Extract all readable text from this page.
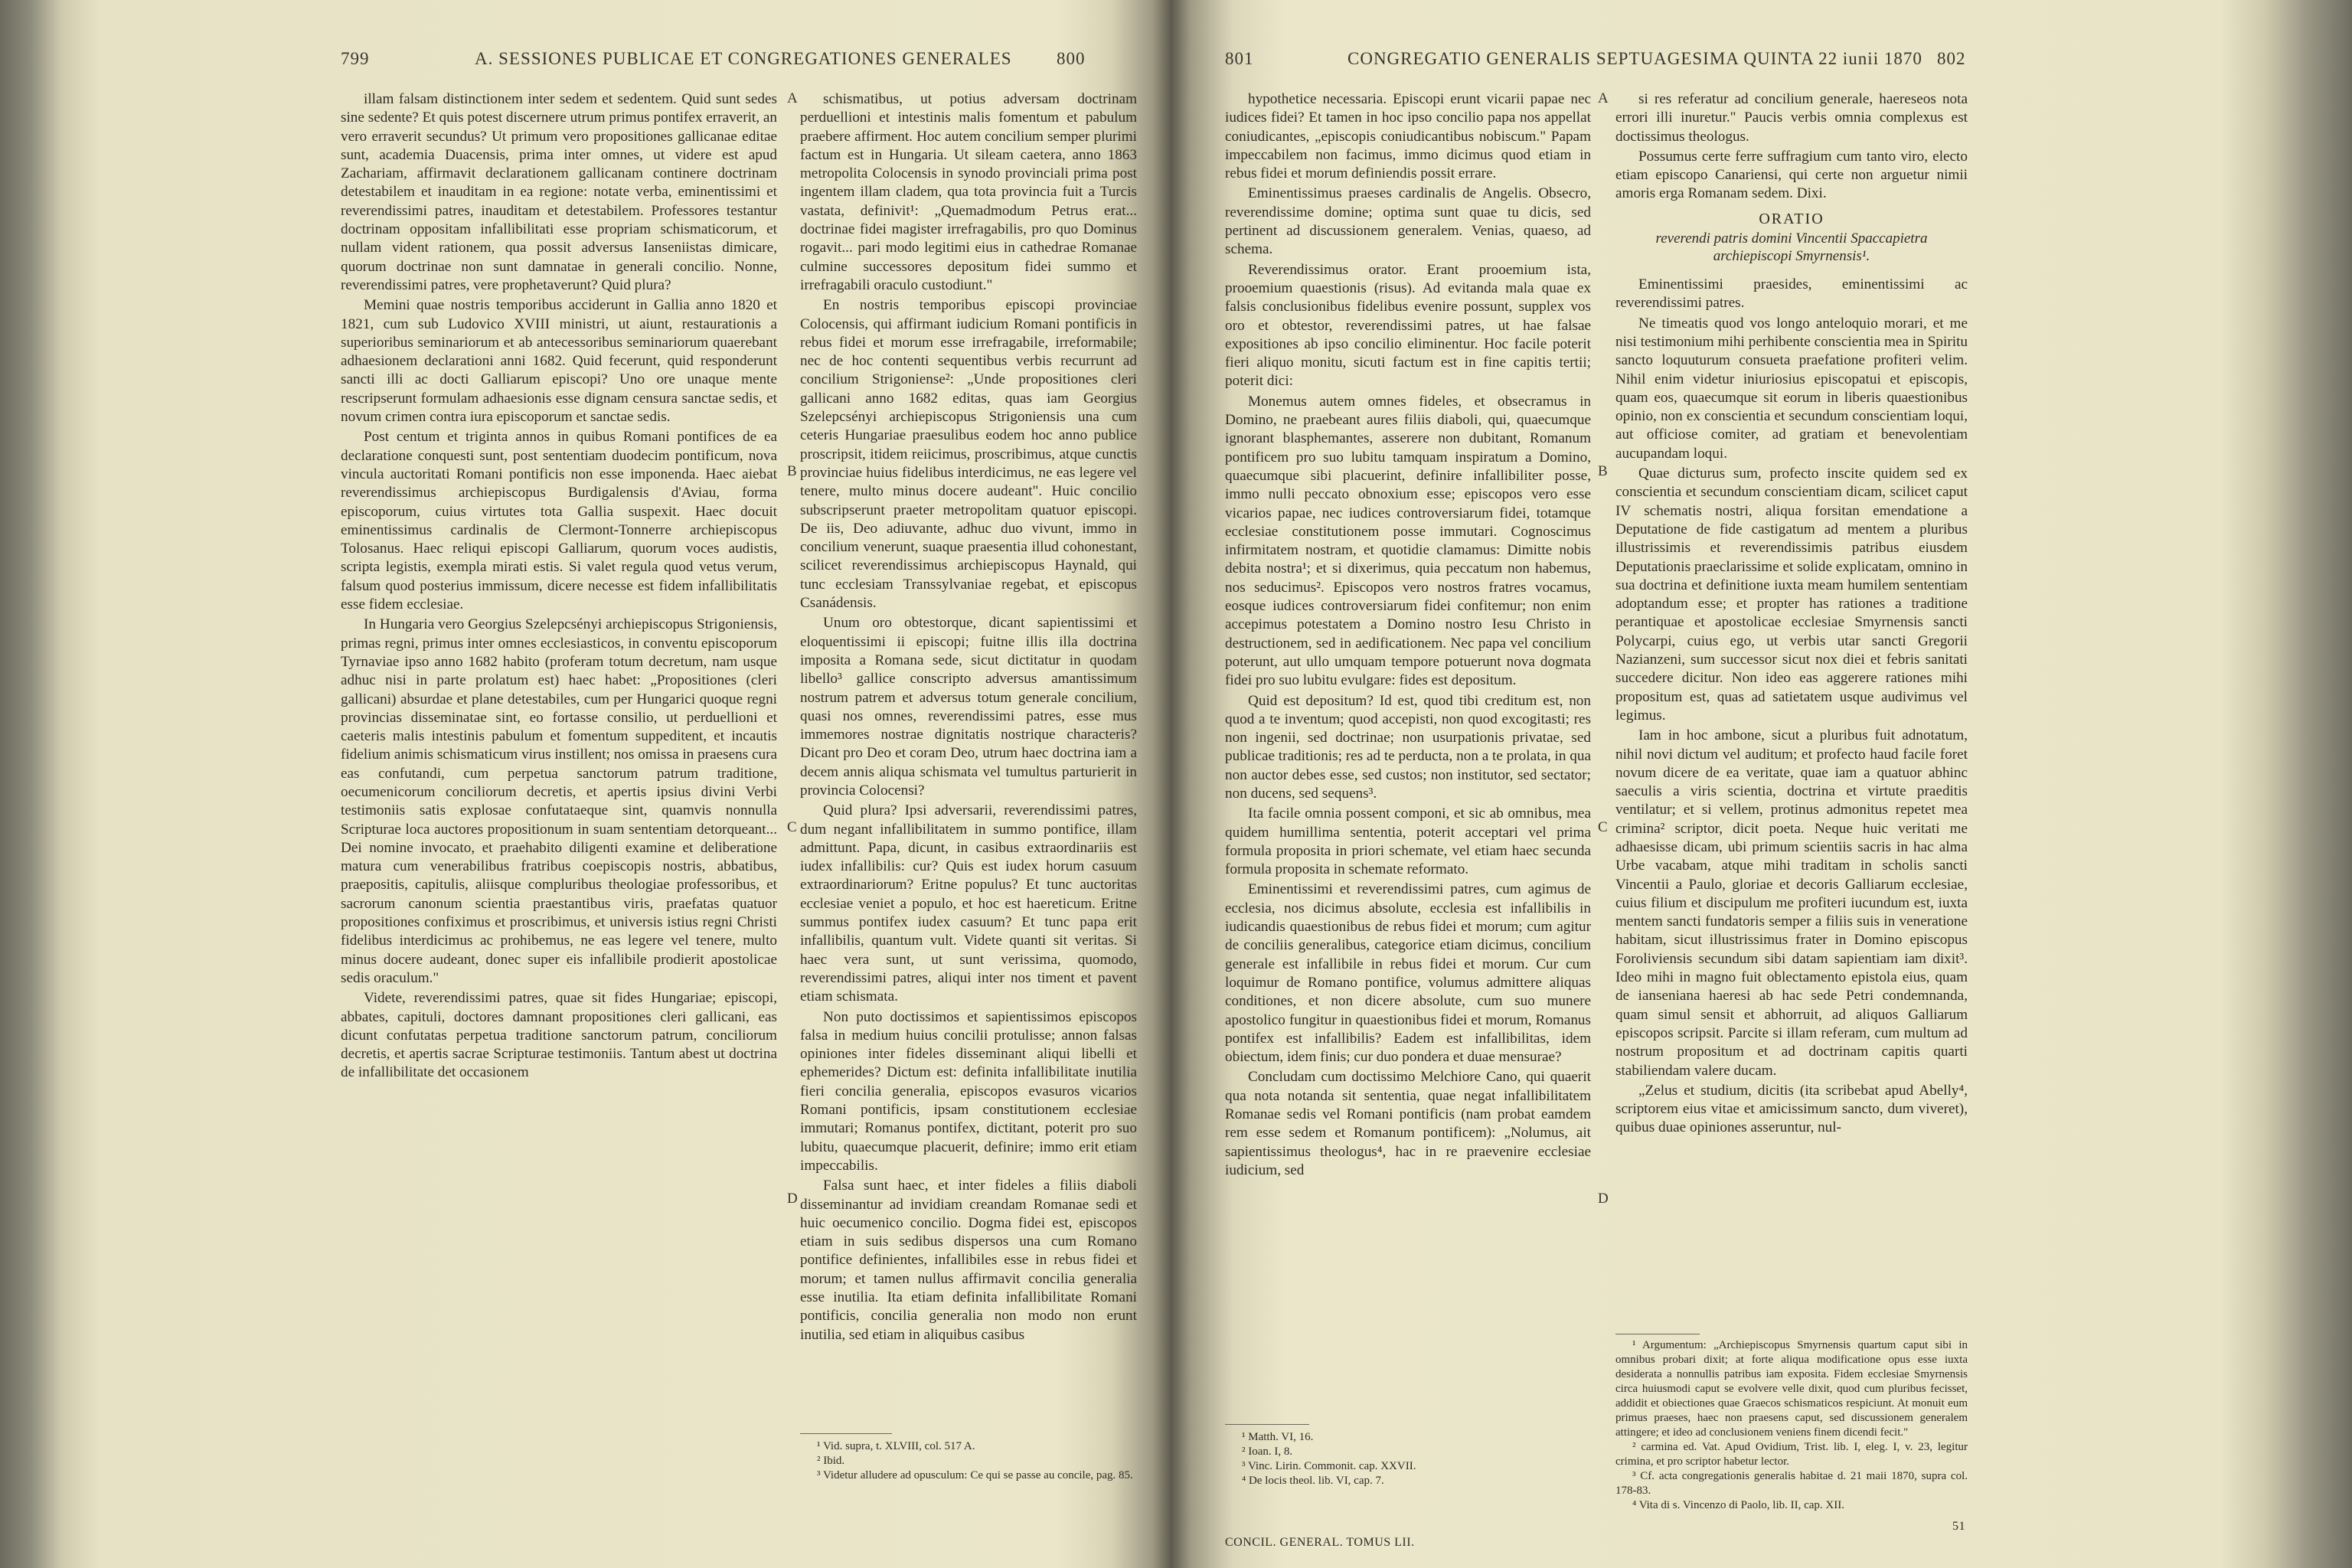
799	A. SESSIONES PUBLICAE ET CONGREGATIONES GENERALES	800

illam falsam distinctionem inter sedem et sedentem. Quid sunt sedes sine sedente? Et quis potest discernere utrum primus pontifex erraverit, an vero erraverit secundus? Ut primum vero propositiones gallicanae editae sunt, academia Duacensis, prima inter omnes, ut videre est apud Zachariam, affirmavit declarationem gallicanam continere doctrinam detestabilem et inauditam in ea regione: notate verba, eminentissimi et reverendissimi patres, inauditam et detestabilem. Professores testantur doctrinam oppositam infallibilitati esse propriam schismaticorum, et nullam vident rationem, qua possit adversus Ianseniistas dimicare, quorum doctrinae non sunt damnatae in generali concilio. Nonne, reverendissimi patres, vere prophetaverunt? Quid plura?

Memini quae nostris temporibus acciderunt in Gallia anno 1820 et 1821, cum sub Ludovico XVIII ministri, ut aiunt, restaurationis a superioribus seminariorum et ab antecessoribus seminariorum quaerebant adhaesionem declarationi anni 1682. Quid fecerunt, quid responderunt sancti illi ac docti Galliarum episcopi? Uno ore unaque mente rescripserunt formulam adhaesionis esse dignam censura sanctae sedis, et novum crimen contra iura episcoporum et sanctae sedis.

Post centum et triginta annos in quibus Romani pontifices de ea declaratione conquesti sunt, post sententiam duodecim pontificum, nova vincula auctoritati Romani pontificis non esse imponenda. Haec aiebat reverendissimus archiepiscopus Burdigalensis d'Aviau, forma episcoporum, cuius virtutes tota Gallia suspexit. Haec docuit eminentissimus cardinalis de Clermont-Tonnerre archiepiscopus Tolosanus. Haec reliqui episcopi Galliarum, quorum voces audistis, scripta legistis, exempla mirati estis. Si valet regula quod vetus verum, falsum quod posterius immissum, dicere necesse est fidem infallibilitatis esse fidem ecclesiae.

In Hungaria vero Georgius Szelepcsényi archiepiscopus Strigoniensis, primas regni, primus inter omnes ecclesiasticos, in conventu episcoporum Tyrnaviae ipso anno 1682 habito (proferam totum decretum, nam usque adhuc nisi in parte prolatum est) haec habet: „Propositiones (cleri gallicani) absurdae et plane detestabiles, cum per Hungarici quoque regni provincias disseminatae sint, eo fortasse consilio, ut perduellioni et caeteris malis intestinis pabulum et fomentum suppeditent, et incautis fidelium animis schismaticum virus instillent; nos omissa in praesens cura eas confutandi, cum perpetua sanctorum patrum traditione, oecumenicorum conciliorum decretis, et apertis ipsius divini Verbi testimoniis satis explosae confutataeque sint, quamvis nonnulla Scripturae loca auctores propositionum in suam sententiam detorqueant... Dei nomine invocato, et praehabito diligenti examine et deliberatione matura cum venerabilibus fratribus coepiscopis nostris, abbatibus, praepositis, capitulis, aliisque compluribus theologiae professoribus, et sacrorum canonum scientia praestantibus viris, praefatas quatuor propositiones confiximus et proscribimus, et universis istius regni Christi fidelibus interdicimus ac prohibemus, ne eas legere vel tenere, multo minus docere audeant, donec super eis infallibile prodierit apostolicae sedis oraculum."

Videte, reverendissimi patres, quae sit fides Hungariae; episcopi, abbates, capituli, doctores damnant propositiones cleri gallicani, eas dicunt confutatas perpetua traditione sanctorum patrum, conciliorum decretis, et apertis sacrae Scripturae testimoniis. Tantum abest ut doctrina de infallibilitate det occasionem

A
B
C
D

schismatibus, ut potius adversam doctrinam perduellioni et intestinis malis fomentum et pabulum praebere affirment. Hoc autem concilium semper plurimi factum est in Hungaria. Ut sileam caetera, anno 1863 metropolita Colocensis in synodo provinciali prima post ingentem illam cladem, qua tota provincia fuit a Turcis vastata, definivit¹: „Quemadmodum Petrus erat... doctrinae fidei magister irrefragabilis, pro quo Dominus rogavit... pari modo legitimi eius in cathedrae Romanae culmine successores depositum fidei summo et irrefragabili oraculo custodiunt."

En nostris temporibus episcopi provinciae Colocensis, qui affirmant iudicium Romani pontificis in rebus fidei et morum esse irrefragabile, irreformabile; nec de hoc contenti sequentibus verbis recurrunt ad concilium Strigoniense²: „Unde propositiones cleri gallicani anno 1682 editas, quas iam Georgius Szelepcsényi archiepiscopus Strigoniensis una cum ceteris Hungariae praesulibus eodem hoc anno publice proscripsit, itidem reiicimus, proscribimus, atque cunctis provinciae huius fidelibus interdicimus, ne eas legere vel tenere, multo minus docere audeant". Huic concilio subscripserunt praeter metropolitam quatuor episcopi. De iis, Deo adiuvante, adhuc duo vivunt, immo in concilium venerunt, suaque praesentia illud cohonestant, scilicet reverendissimus archiepiscopus Haynald, qui tunc ecclesiam Transsylvaniae regebat, et episcopus Csanádensis.

Unum oro obtestorque, dicant sapientissimi et eloquentissimi ii episcopi; fuitne illis illa doctrina imposita a Romana sede, sicut dictitatur in quodam libello³ gallice conscripto adversus amantissimum nostrum patrem et adversus totum generale concilium, quasi nos omnes, reverendissimi patres, esse mus immemores nostrae dignitatis nostrique characteris? Dicant pro Deo et coram Deo, utrum haec doctrina iam a decem annis aliqua schismata vel tumultus parturierit in provincia Colocensi?

Quid plura? Ipsi adversarii, reverendissimi patres, dum negant infallibilitatem in summo pontifice, illam admittunt. Papa, dicunt, in casibus extraordinariis est iudex infallibilis: cur? Quis est iudex horum casuum extraordinariorum? Eritne populus? Et tunc auctoritas ecclesiae veniet a populo, et hoc est haereticum. Eritne summus pontifex iudex casuum? Et tunc papa erit infallibilis, quantum vult. Videte quanti sit veritas. Si haec vera sunt, ut sunt verissima, quomodo, reverendissimi patres, aliqui inter nos timent et pavent etiam schismata.

Non puto doctissimos et sapientissimos episcopos falsa in medium huius concilii protulisse; annon falsas opiniones inter fideles disseminant aliqui libelli et ephemerides? Dictum est: definita infallibilitate inutilia fieri concilia generalia, episcopos evasuros vicarios Romani pontificis, ipsam constitutionem ecclesiae immutari; Romanus pontifex, dictitant, poterit pro suo lubitu, quaecumque placuerit, definire; immo erit etiam impeccabilis.

Falsa sunt haec, et inter fideles a filiis diaboli disseminantur ad invidiam creandam Romanae sedi et huic oecumenico concilio. Dogma fidei est, episcopos etiam in suis sedibus dispersos una cum Romano pontifice definientes, infallibiles esse in rebus fidei et morum; et tamen nullus affirmavit concilia generalia esse inutilia. Ita etiam definita infallibilitate Romani pontificis, concilia generalia non modo non erunt inutilia, sed etiam in aliquibus casibus

¹ Vid. supra, t. XLVIII, col. 517 A.

² Ibid.

³ Videtur alludere ad opusculum: Ce qui se passe au concile, pag. 85.

801	CONGREGATIO GENERALIS SEPTUAGESIMA QUINTA 22 iunii 1870 802

hypothetice necessaria. Episcopi erunt vicarii papae nec iudices fidei? Et tamen in hoc ipso concilio papa nos appellat coniudicantes, „episcopis coniudicantibus nobiscum." Papam impeccabilem non facimus, immo dicimus quod etiam in rebus fidei et morum definiendis possit errare.

Eminentissimus praeses cardinalis de Angelis. Obsecro, reverendissime domine; optima sunt quae tu dicis, sed pertinent ad discussionem generalem. Venias, quaeso, ad schema.

Reverendissimus orator. Erant prooemium ista, prooemium quaestionis (risus). Ad evitanda mala quae ex falsis conclusionibus fidelibus evenire possunt, supplex vos oro et obtestor, reverendissimi patres, ut hae falsae expositiones ab ipso concilio eliminentur. Hoc facile poterit fieri aliquo monitu, sicuti factum est in fine capitis tertii; poterit dici:

Monemus autem omnes fideles, et obsecramus in Domino, ne praebeant aures filiis diaboli, qui, quaecumque ignorant blasphemantes, asserere non dubitant, Romanum pontificem pro suo lubitu tamquam inspiratum a Domino, quaecumque sibi placuerint, definire infallibiliter posse, immo nulli peccato obnoxium esse; episcopos vero esse vicarios papae, nec iudices controversiarum fidei, totamque ecclesiae constitutionem posse immutari. Cognoscimus infirmitatem nostram, et quotidie clamamus: Dimitte nobis debita nostra¹; et si dixerimus, quia peccatum non habemus, nos seducimus². Episcopos vero nostros fratres vocamus, eosque iudices controversiarum fidei confitemur; non enim accepimus potestatem a Domino nostro Iesu Christo in destructionem, sed in aedificationem. Nec papa vel concilium poterunt, aut ullo umquam tempore potuerunt nova dogmata fidei pro suo lubitu evulgare: fides est depositum.

Quid est depositum? Id est, quod tibi creditum est, non quod a te inventum; quod accepisti, non quod excogitasti; res non ingenii, sed doctrinae; non usurpationis privatae, sed publicae traditionis; res ad te perducta, non a te prolata, in qua non auctor debes esse, sed custos; non institutor, sed sectator; non ducens, sed sequens³.

Ita facile omnia possent componi, et sic ab omnibus, mea quidem humillima sententia, poterit acceptari vel prima formula proposita in priori schemate, vel etiam haec secunda formula proposita in schemate reformato.

Eminentissimi et reverendissimi patres, cum agimus de ecclesia, nos dicimus absolute, ecclesia est infallibilis in iudicandis quaestionibus de rebus fidei et morum; cum agitur de conciliis generalibus, categorice etiam dicimus, concilium generale est infallibile in rebus fidei et morum. Cur cum loquimur de Romano pontifice, volumus admittere aliquas conditiones, et non dicere absolute, cum suo munere apostolico fungitur in quaestionibus fidei et morum, Romanus pontifex est infallibilis? Eadem est infallibilitas, idem obiectum, idem finis; cur duo ponderа et duae mensurae?

Concludam cum doctissimo Melchiore Cano, qui quaerit qua nota notanda sit sententia, quae negat infallibilitatem Romanae sedis vel Romani pontificis (nam probat eamdem rem esse sedem et Romanum pontificem): „Nolumus, ait sapientissimus theologus⁴, hac in re praevenire ecclesiae iudicium, sed

A
B
C
D

si res referatur ad concilium generale, haereseos nota errori illi inuretur." Paucis verbis omnia complexus est doctissimus theologus.

Possumus certe ferre suffragium cum tanto viro, electo etiam episcopo Canariensi, qui certe non arguetur nimii amoris erga Romanam sedem. Dixi.

ORATIO
reverendi patris domini Vincentii Spaccapietra archiepiscopi Smyrnensis¹.

Eminentissimi praesides, eminentissimi ac reverendissimi patres.

Ne timeatis quod vos longo anteloquio morari, et me nisi testimonium mihi perhibente conscientia mea in Spiritu sancto loquuturum consueta praefatione profiteri velim. Nihil enim videtur iniuriosius episcopatui et episcopis, quam eos, quaecumque sit eorum in liberis quaestionibus opinio, non ex conscientia et secundum conscientiam loqui, aut officiose comiter, ad gratiam et benevolentiam aucupandam loqui.

Quae dicturus sum, profecto inscite quidem sed ex conscientia et secundum conscientiam dicam, scilicet caput IV schematis nostri, aliqua forsitan emendatione a Deputatione de fide castigatum ad mentem a pluribus illustrissimis et reverendissimis patribus eiusdem Deputationis praeclarissime et solide explicatam, omnino in sua doctrina et definitione iuxta meam humilem sententiam adoptandum esse; et propter has rationes a traditione perantiquae et apostolicae ecclesiae Smyrnensis sancti Polycarpi, cuius ego, ut verbis utar sancti Gregorii Nazianzeni, sum successor sicut nox diei et febris sanitati succedere dicitur. Non ideo eas aggerere rationes mihi propositum est, quas ad satietatem usque audivimus vel legimus.

Iam in hoc ambone, sicut a pluribus fuit adnotatum, nihil novi dictum vel auditum; et profecto haud facile foret novum dicere de ea veritate, quae iam a quatuor abhinc saeculis a viris scientia, doctrina et virtute praeditis ventilatur; et si vellem, protinus admonitus repetet mea crimina² scriptor, dicit poeta. Neque huic veritati me adhaesisse dicam, ubi primum scientiis sacris in hac alma Urbe vacabam, atque mihi traditam in scholis sancti Vincentii a Paulo, gloriae et decoris Galliarum ecclesiae, cuius filium et discipulum me profiteri iucundum est, iuxta mentem sancti fundatoris semper a filiis suis in veneratione habitam, sicut illustrissimus frater in Domino episcopus Foroliviensis secundum sibi datam sapientiam iam dixit³. Ideo mihi in magno fuit oblectamento epistola eius, quam de ianseniana haeresi ab hac sede Petri condemnanda, quam simul sensit et abhorruit, ad aliquos Galliarum episcopos scripsit. Parcite si illam referam, cum multum ad nostrum propositum et ad doctrinam capitis quarti stabiliendam valere ducam.

„Zelus et studium, dicitis (ita scribebat apud Abelly⁴, scriptorem eius vitae et amicissimum sancto, dum viveret), quibus duae opiniones asseruntur, nul-

¹ Matth. VI, 16.

² Ioan. I, 8.

³ Vinc. Lirin. Commonit. cap. XXVII.

⁴ De locis theol. lib. VI, cap. 7.

CONCIL. GENERAL. TOMUS LII.

¹ Argumentum: „Archiepiscopus Smyrnensis quartum caput sibi in omnibus probari dixit; at forte aliqua modificatione opus esse iuxta desiderata a nonnullis patribus iam exposita. Fidem ecclesiae Smyrnensis circa huiusmodi caput se evolvere velle dixit, quod cum pluribus fecisset, addidit et obiectiones quae Graecos schismaticos respiciunt. At monuit eum primus praeses, haec non praesens caput, sed discussionem generalem attingere; et ideo ad conclusionem veniens finem dicendi fecit."

² carmina ed. Vat. Apud Ovidium, Trist. lib. I, eleg. I, v. 23, legitur crimina, et pro scriptor habetur lector.

³ Cf. acta congregationis generalis habitae d. 21 maii 1870, supra col. 178-83.

⁴ Vita di s. Vincenzo di Paolo, lib. II, cap. XII.

51
